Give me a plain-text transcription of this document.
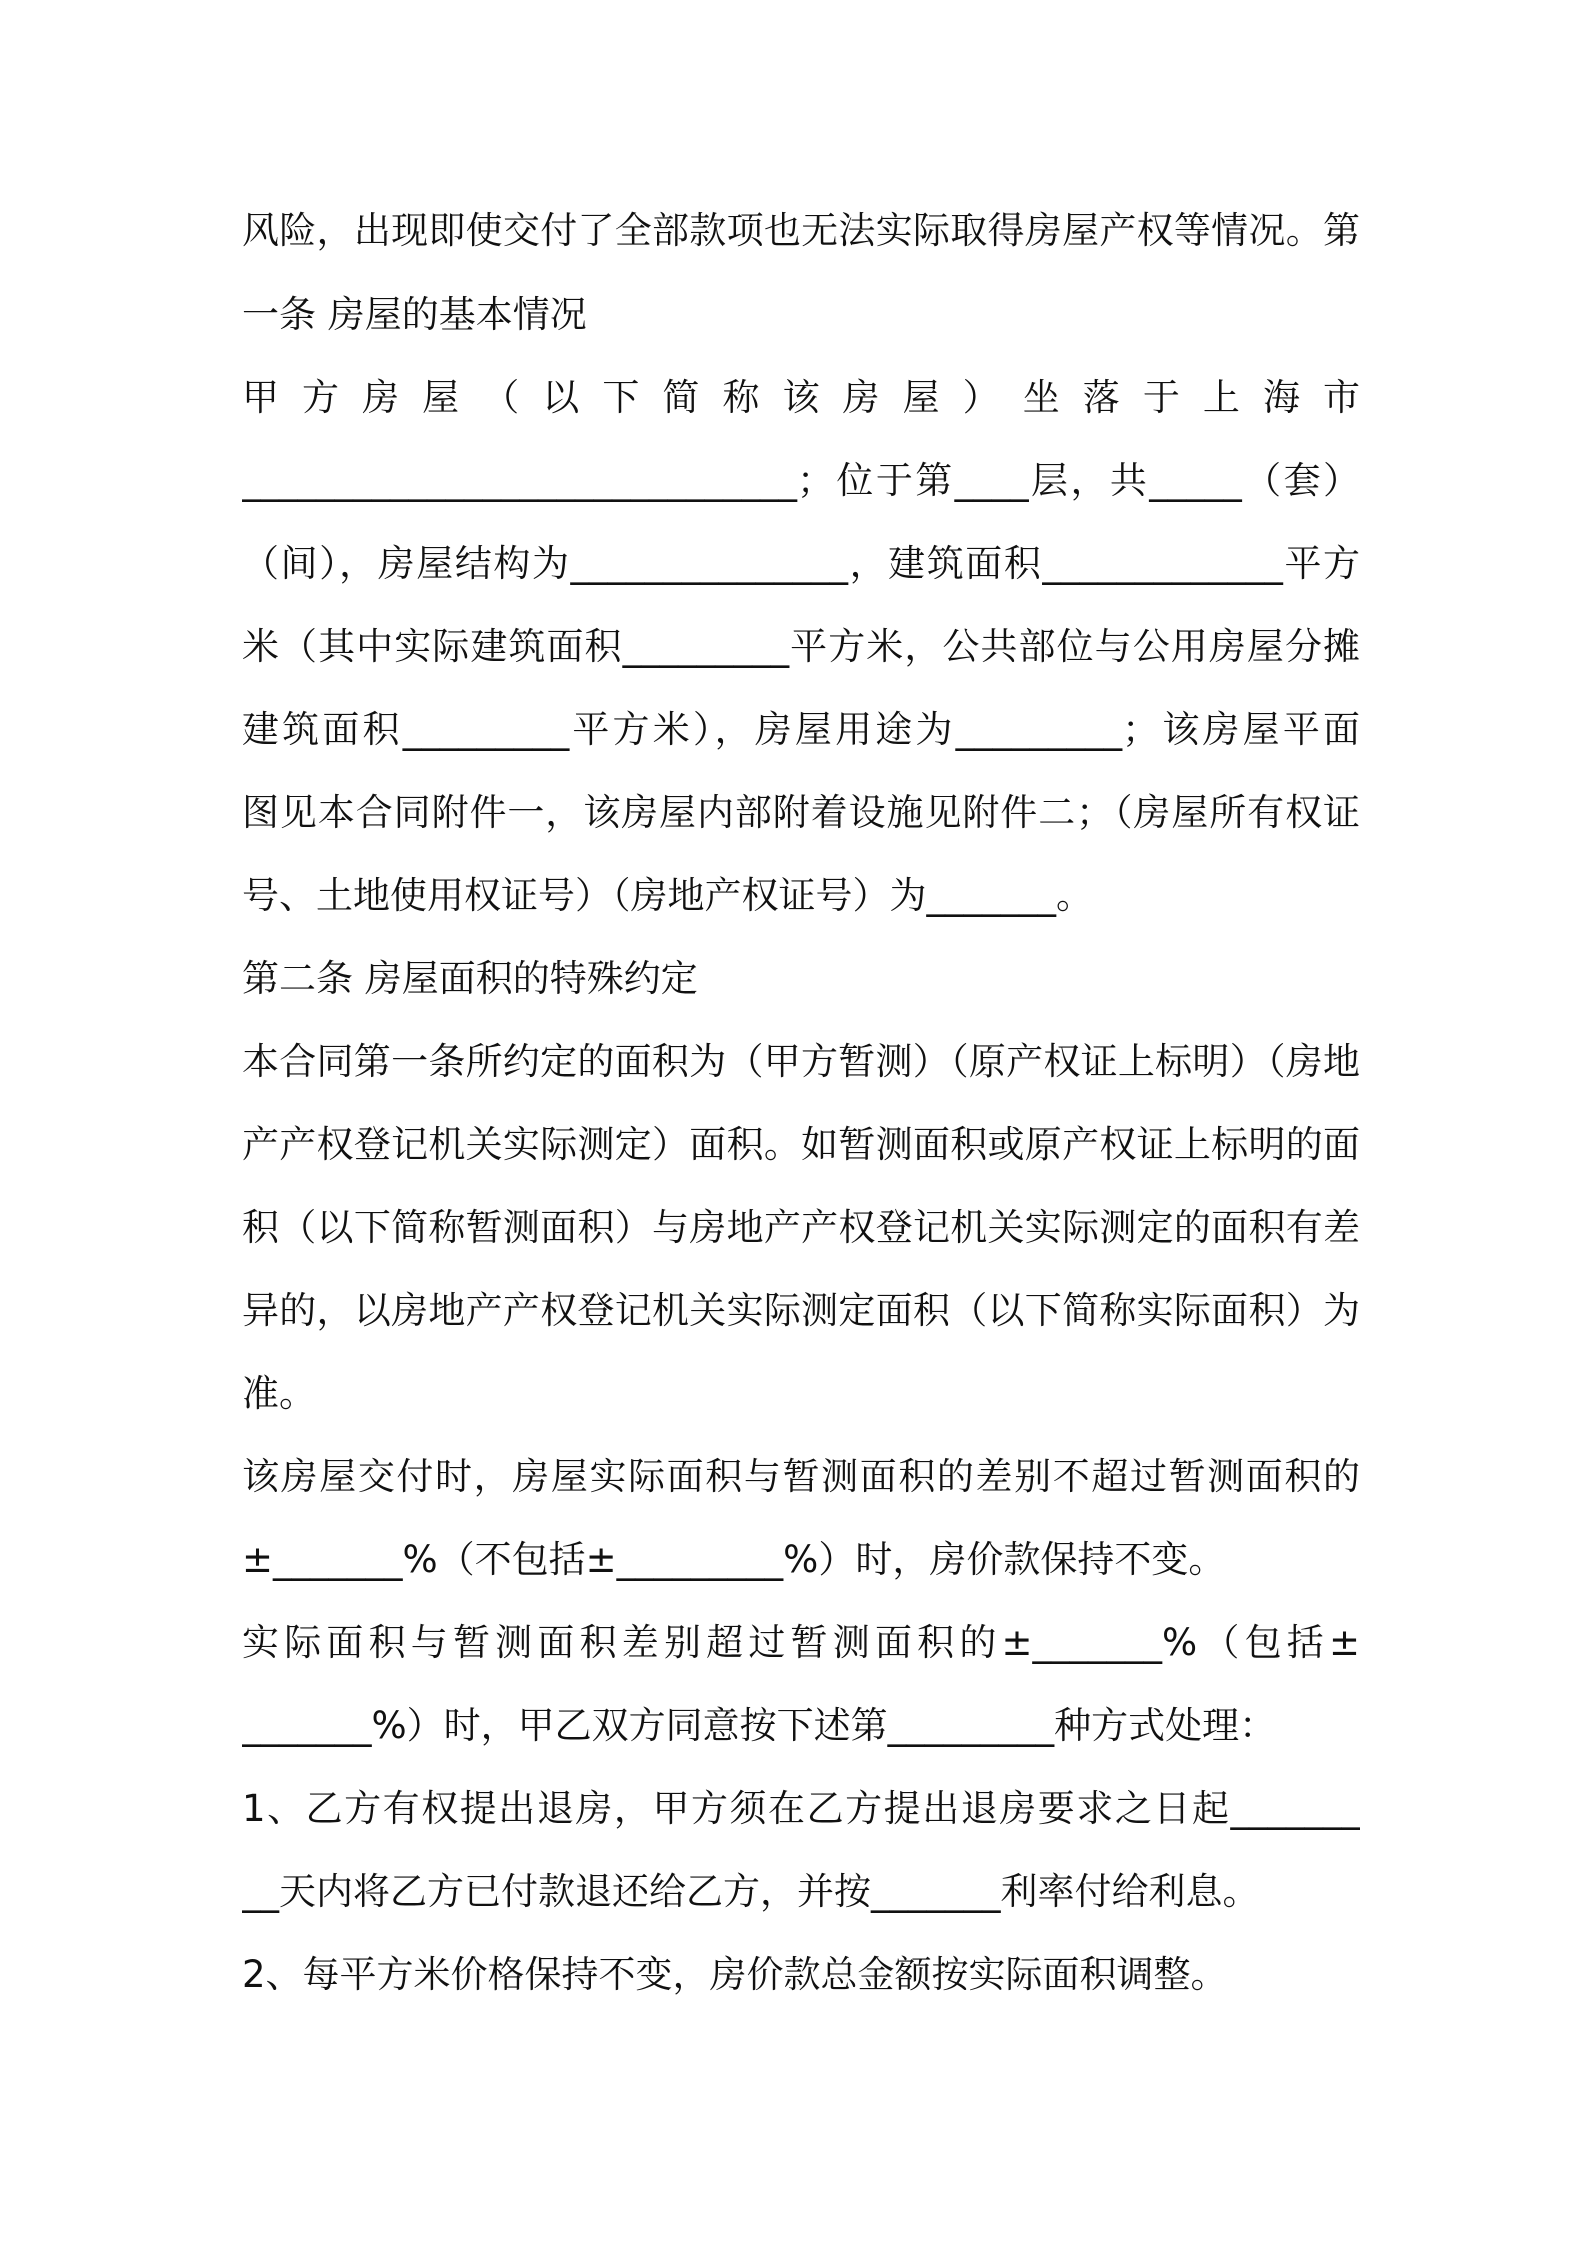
风险，出现即使交付了全部款项也无法实际取得房屋产权等情况。第
一条 房屋的基本情况
甲 方 房 屋 （ 以 下 简 称 该 房 屋 ） 坐 落 于 上 海 市
______________________________；位于第____层，共_____（套）
（间），房屋结构为_______________，建筑面积_____________平方
米（其中实际建筑面积_________平方米，公共部位与公用房屋分摊
建筑面积_________平方米），房屋用途为_________；该房屋平面
图见本合同附件一，该房屋内部附着设施见附件二；（房屋所有权证
号、土地使用权证号）（房地产权证号）为_______。
第二条 房屋面积的特殊约定
本合同第一条所约定的面积为（甲方暂测）（原产权证上标明）（房地
产产权登记机关实际测定）面积。如暂测面积或原产权证上标明的面
积（以下简称暂测面积）与房地产产权登记机关实际测定的面积有差
异的，以房地产产权登记机关实际测定面积（以下简称实际面积）为
准。
该房屋交付时，房屋实际面积与暂测面积的差别不超过暂测面积的
±_______%（不包括±_________%）时，房价款保持不变。
实际面积与暂测面积差别超过暂测面积的±_______%（包括±
_______%）时，甲乙双方同意按下述第_________种方式处理：
1、乙方有权提出退房，甲方须在乙方提出退房要求之日起_______
__天内将乙方已付款退还给乙方，并按_______利率付给利息。
2、每平方米价格保持不变，房价款总金额按实际面积调整。
